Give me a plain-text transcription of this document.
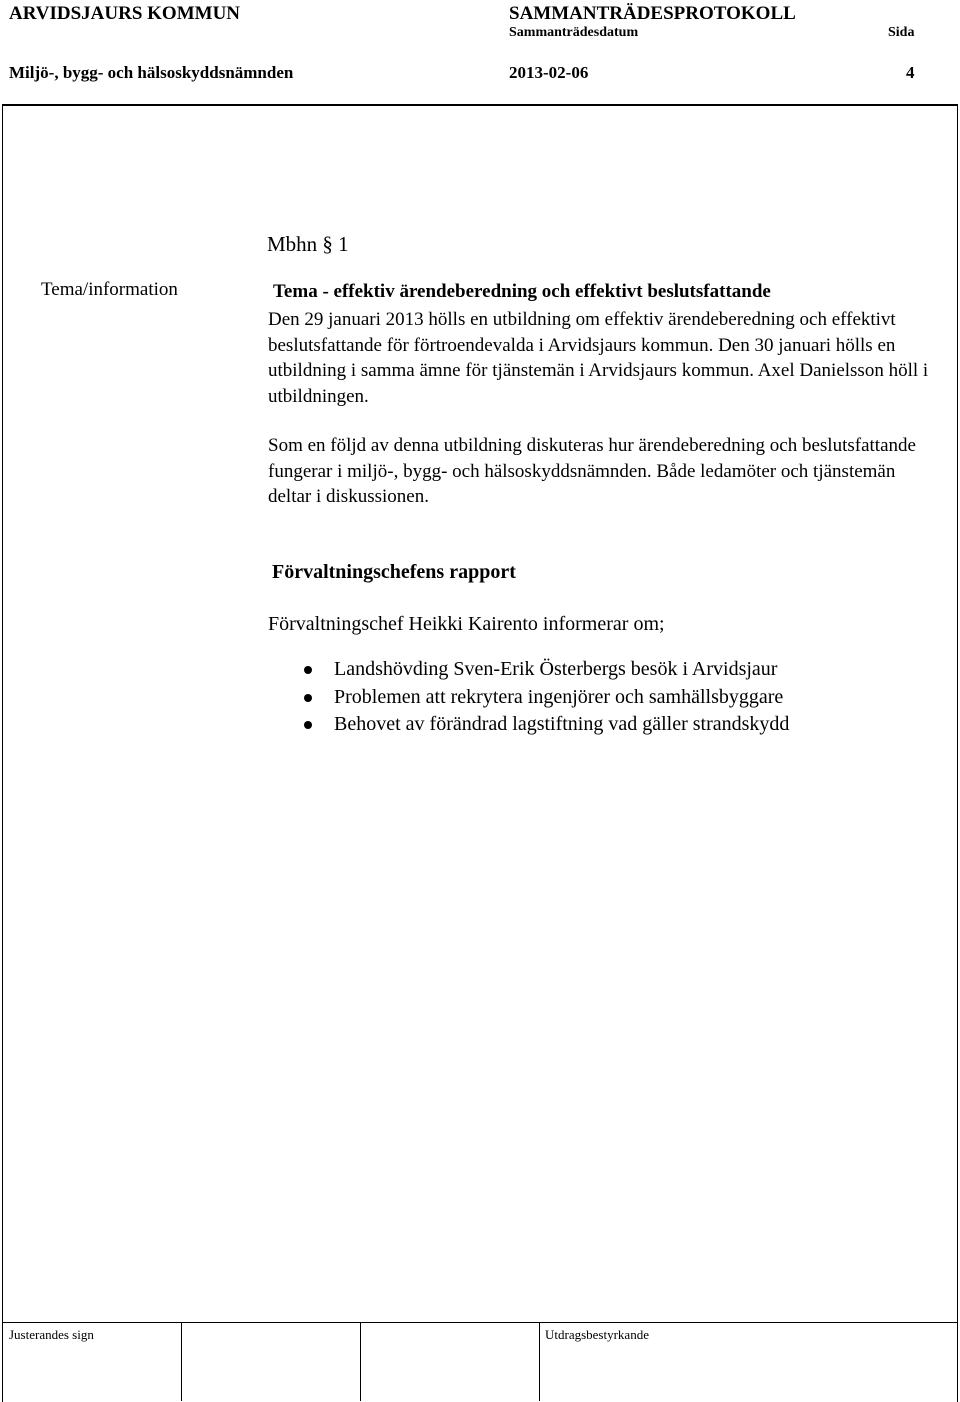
ARVIDSJAURS KOMMUN	SAMMANTRÄDESPROTOKOLL
Sammanträdesdatum	Sida
Miljö-, bygg- och hälsoskyddsnämnden	2013-02-06	4
Mbhn § 1
Tema/information	Tema - effektiv ärendeberedning och effektivt beslutsfattande
Den 29 januari 2013 hölls en utbildning om effektiv ärendeberedning och effektivt beslutsfattande för förtroendevalda i Arvidsjaurs kommun. Den 30 januari hölls en utbildning i samma ämne för tjänstemän i Arvidsjaurs kommun. Axel Danielsson höll i utbildningen.
Som en följd av denna utbildning diskuteras hur ärendeberedning och beslutsfattande fungerar i miljö-, bygg- och hälsoskyddsnämnden. Både ledamöter och tjänstemän deltar i diskussionen.
Förvaltningschefens rapport
Förvaltningschef Heikki Kairento informerar om;
Landshövding Sven-Erik Österbergs besök i Arvidsjaur
Problemen att rekrytera ingenjörer och samhällsbyggare
Behovet av förändrad lagstiftning vad gäller strandskydd
Justerandes sign	Utdragsbestyrkande
